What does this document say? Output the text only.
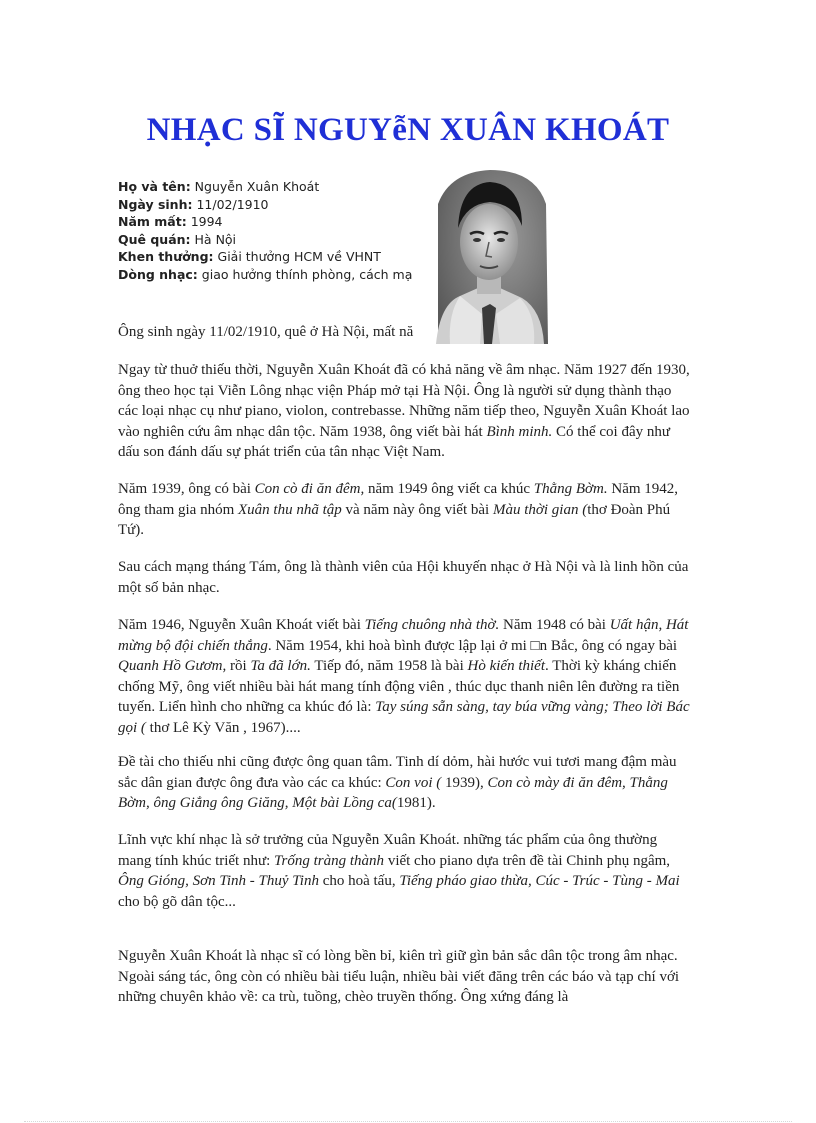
NHẠC SĨ NGUYễN XUÂN KHOÁT
Họ và tên: Nguyễn Xuân Khoát
Ngày sinh: 11/02/1910
Năm mất: 1994
Quê quán: Hà Nội
Khen thưởng: Giải thưởng HCM về VHNT
Dòng nhạc: giao hưởng thính phòng, cách mạ

Ông sinh ngày 11/02/1910, quê ở Hà Nội, mất nă

Ngay từ thuở thiếu thời, Nguyễn Xuân Khoát đã có khả năng về âm nhạc. Năm 1927 đến 1930, ông theo học tại Viễn Lông nhạc viện Pháp mở tại Hà Nội. Ông là người sử dụng thành thạo các loại nhạc cụ như piano, violon, contrebasse. Những năm tiếp theo, Nguyễn Xuân Khoát lao vào nghiên cứu âm nhạc dân tộc. Năm 1938, ông viết bài hát Bình minh. Có thể coi đây như dấu son đánh dấu sự phát triển của tân nhạc Việt Nam.

Năm 1939, ông có bài Con cò đi ăn đêm, năm 1949 ông viết ca khúc Thằng Bờm. Năm 1942, ông tham gia nhóm Xuân thu nhã tập và năm này ông viết bài Màu thời gian (thơ Đoàn Phú Tứ).

Sau cách mạng tháng Tám, ông là thành viên của Hội khuyến nhạc ở Hà Nội và là linh hồn của một số bản nhạc.

Năm 1946, Nguyễn Xuân Khoát viết bài Tiếng chuông nhà thờ. Năm 1948 có bài Uất hận, Hát mừng bộ đội chiến thắng. Năm 1954, khi hoà bình được lập lại ở mi □n Bắc, ông có ngay bài Quanh Hồ Gươm, rồi Ta đã lớn. Tiếp đó, năm 1958 là bài Hò kiến thiết. Thời kỳ kháng chiến chống Mỹ, ông viết nhiều bài hát mang tính động viên , thúc dục thanh niên lên đường ra tiền tuyến. Liển hình cho những ca khúc đó là: Tay súng sẵn sàng, tay búa vững vàng; Theo lời Bác gọi ( thơ Lê Kỳ Văn , 1967)....

Đề tài cho thiếu nhi cũng được ông quan tâm. Tinh dí dỏm, hài hước vui tươi mang đậm màu sắc dân gian được ông đưa vào các ca khúc: Con voi ( 1939), Con cò mày đi ăn đêm, Thằng Bờm, ông Giẳng ông Giăng, Một bài Lồng ca(1981).

Lĩnh vực khí nhạc là sở trưởng của Nguyễn Xuân Khoát. những tác phẩm của ông thường mang tính khúc triết như: Trống tràng thành viết cho piano dựa trên đề tài Chinh phụ ngâm, Ông Gióng, Sơn Tinh - Thuỷ Tinh cho hoà tấu, Tiếng pháo giao thừa, Cúc - Trúc - Tùng - Mai cho bộ gõ dân tộc...

Nguyễn Xuân Khoát là nhạc sĩ có lòng bền bỉ, kiên trì giữ gìn bản sắc dân tộc trong âm nhạc. Ngoài sáng tác, ông còn có nhiều bài tiểu luận, nhiều bài viết đăng trên các báo và tạp chí với những chuyên khảo về: ca trù, tuồng, chèo truyền thống. Ông xứng đáng là
